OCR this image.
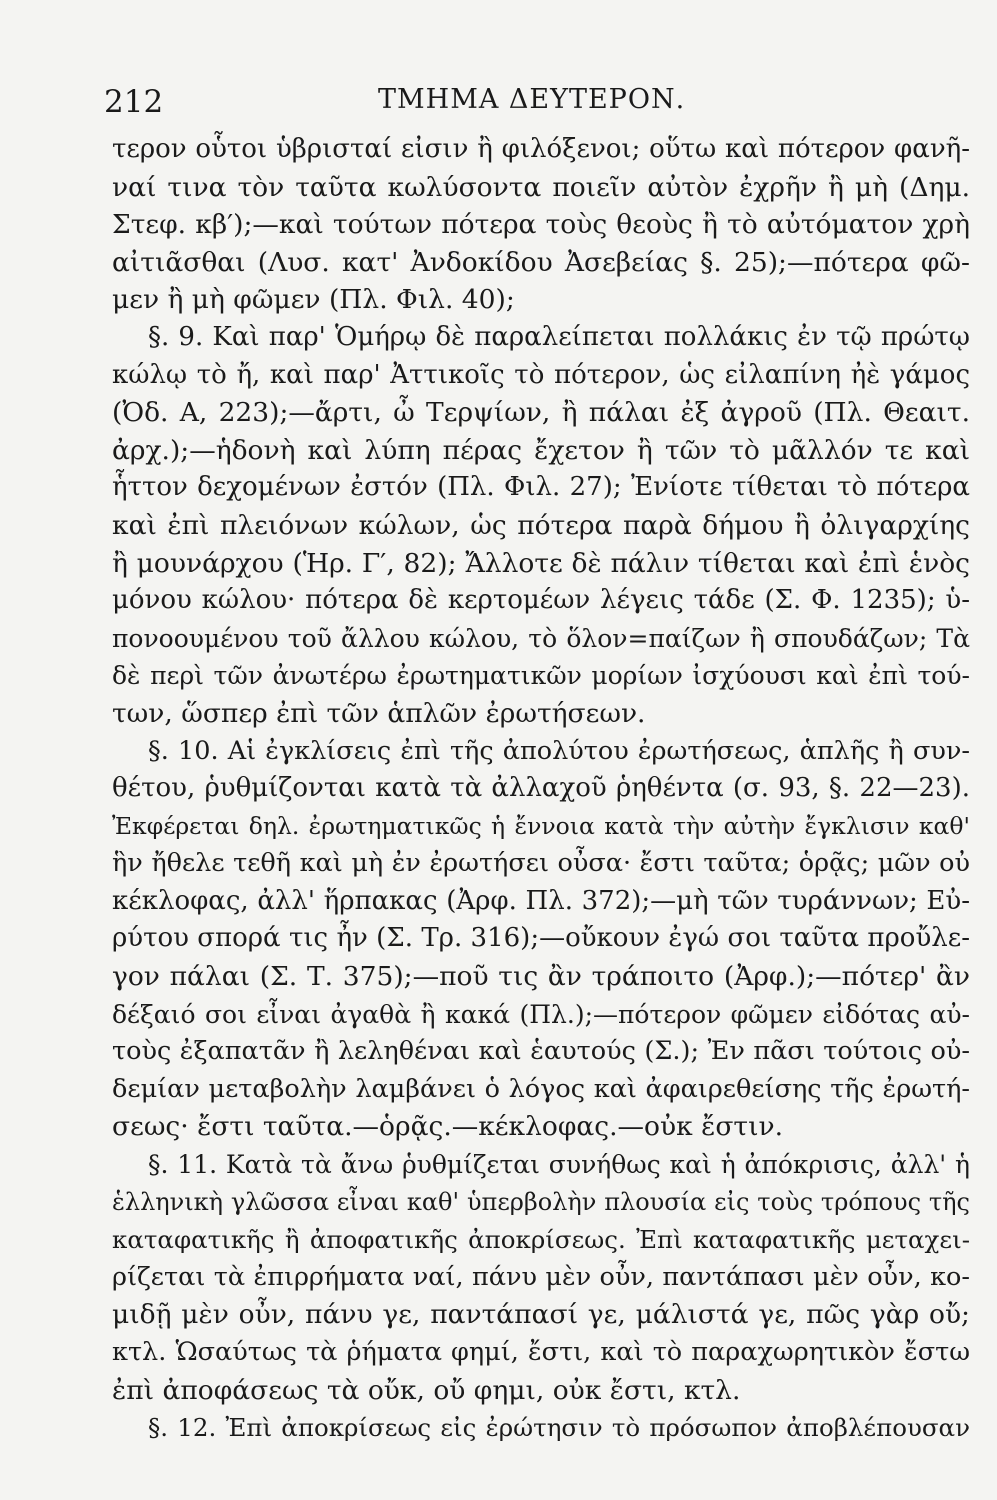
212	ΤΜΗΜΑ ΔΕΥΤΕΡΟΝ.
τερον οὗτοι ὑβρισταί εἰσιν ἢ φιλόξενοι; οὕτω καὶ πότερον φανῆ-
ναί τινα τὸν ταῦτα κωλύσοντα ποιεῖν αὐτὸν ἐχρῆν ἢ μὴ (Δημ.
Στεφ. κβ′);—καὶ τούτων πότερα τοὺς θεοὺς ἢ τὸ αὐτόματον χρὴ
αἰτιᾶσθαι (Λυσ. κατ' Ἀνδοκίδου Ἀσεβείας §. 25);—πότερα φῶ-
μεν ἢ μὴ φῶμεν (Πλ. Φιλ. 40);
§. 9. Καὶ παρ' Ὁμήρῳ δὲ παραλείπεται πολλάκις ἐν τῷ πρώτῳ
κώλῳ τὸ ἤ, καὶ παρ' Ἀττικοῖς τὸ πότερον, ὡς εἰλαπίνη ἠὲ γάμος
(Ὀδ. Α, 223);—ἄρτι, ὦ Τερψίων, ἢ πάλαι ἐξ ἀγροῦ (Πλ. Θεαιτ.
ἀρχ.);—ἡδονὴ καὶ λύπη πέρας ἔχετον ἢ τῶν τὸ μᾶλλόν τε καὶ
ἧττον δεχομένων ἐστόν (Πλ. Φιλ. 27); Ἐνίοτε τίθεται τὸ πότερα
καὶ ἐπὶ πλειόνων κώλων, ὡς πότερα παρὰ δήμου ἢ ὀλιγαρχίης
ἢ μουνάρχου (Ἡρ. Γ′, 82); Ἄλλοτε δὲ πάλιν τίθεται καὶ ἐπὶ ἑνὸς
μόνου κώλου· πότερα δὲ κερτομέων λέγεις τάδε (Σ. Φ. 1235); ὑ-
πονοουμένου τοῦ ἄλλου κώλου, τὸ ὅλον=παίζων ἢ σπουδάζων; Τὰ
δὲ περὶ τῶν ἀνωτέρω ἐρωτηματικῶν μορίων ἰσχύουσι καὶ ἐπὶ τού-
των, ὥσπερ ἐπὶ τῶν ἁπλῶν ἐρωτήσεων.
§. 10. Αἱ ἐγκλίσεις ἐπὶ τῆς ἀπολύτου ἐρωτήσεως, ἁπλῆς ἢ συν-
θέτου, ῥυθμίζονται κατὰ τὰ ἀλλαχοῦ ῥηθέντα (σ. 93, §. 22—23).
Ἐκφέρεται δηλ. ἐρωτηματικῶς ἡ ἔννοια κατὰ τὴν αὐτὴν ἔγκλισιν καθ'
ἣν ἤθελε τεθῆ καὶ μὴ ἐν ἐρωτήσει οὖσα· ἔστι ταῦτα; ὁρᾷς; μῶν οὐ
κέκλοφας, ἀλλ' ἥρπακας (Ἀρφ. Πλ. 372);—μὴ τῶν τυράννων; Εὐ-
ρύτου σπορά τις ἦν (Σ. Τρ. 316);—οὔκουν ἐγώ σοι ταῦτα προὔλε-
γον πάλαι (Σ. Τ. 375);—ποῦ τις ἂν τράποιτο (Ἀρφ.);—πότερ' ἂν
δέξαιό σοι εἶναι ἀγαθὰ ἢ κακά (Πλ.);—πότερον φῶμεν εἰδότας αὐ-
τοὺς ἐξαπατᾶν ἢ λεληθέναι καὶ ἑαυτούς (Σ.); Ἐν πᾶσι τούτοις οὐ-
δεμίαν μεταβολὴν λαμβάνει ὁ λόγος καὶ ἀφαιρεθείσης τῆς ἐρωτή-
σεως· ἔστι ταῦτα.—ὁρᾷς.—κέκλοφας.—οὐκ ἔστιν.
§. 11. Κατὰ τὰ ἄνω ῥυθμίζεται συνήθως καὶ ἡ ἀπόκρισις, ἀλλ' ἡ
ἑλληνικὴ γλῶσσα εἶναι καθ' ὑπερβολὴν πλουσία εἰς τοὺς τρόπους τῆς
καταφατικῆς ἢ ἀποφατικῆς ἀποκρίσεως. Ἐπὶ καταφατικῆς μεταχει-
ρίζεται τὰ ἐπιρρήματα ναί, πάνυ μὲν οὖν, παντάπασι μὲν οὖν, κο-
μιδῇ μὲν οὖν, πάνυ γε, παντάπασί γε, μάλιστά γε, πῶς γὰρ οὔ;
κτλ. Ὡσαύτως τὰ ῥήματα φημί, ἔστι, καὶ τὸ παραχωρητικὸν ἔστω
ἐπὶ ἀποφάσεως τὰ οὔκ, οὔ φημι, οὐκ ἔστι, κτλ.
§. 12. Ἐπὶ ἀποκρίσεως εἰς ἐρώτησιν τὸ πρόσωπον ἀποβλέπουσαν
